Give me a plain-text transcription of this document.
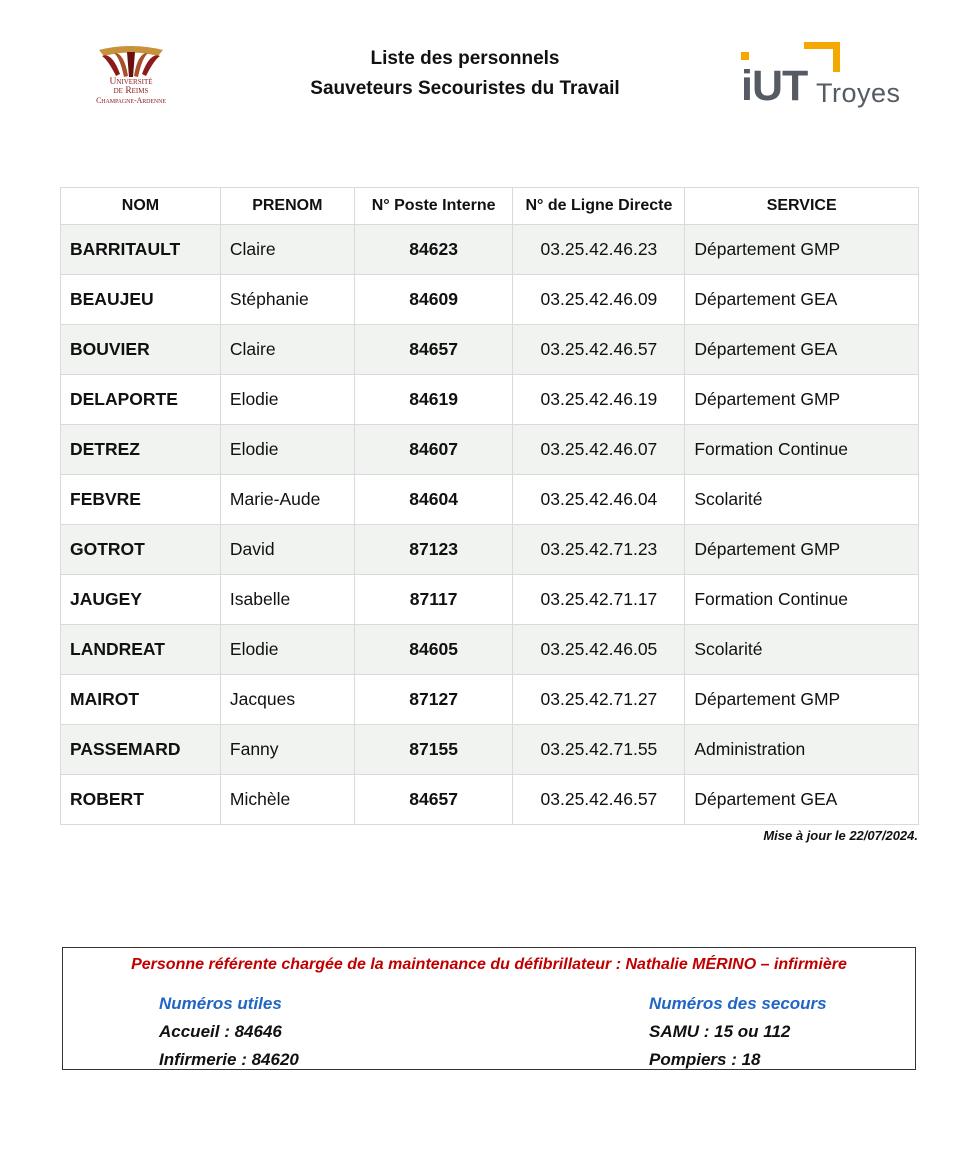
Université
de Reims
Champagne-Ardenne
Liste des personnels
Sauveteurs Secouristes du Travail	iUT Troyes
NOM	PRENOM	N° Poste Interne	N° de Ligne Directe	SERVICE
BARRITAULT	Claire	84623	03.25.42.46.23	Département GMP
BEAUJEU	Stéphanie	84609	03.25.42.46.09	Département GEA
BOUVIER	Claire	84657	03.25.42.46.57	Département GEA
DELAPORTE	Elodie	84619	03.25.42.46.19	Département GMP
DETREZ	Elodie	84607	03.25.42.46.07	Formation Continue
FEBVRE	Marie-Aude	84604	03.25.42.46.04	Scolarité
GOTROT	David	87123	03.25.42.71.23	Département GMP
JAUGEY	Isabelle	87117	03.25.42.71.17	Formation Continue
LANDREAT	Elodie	84605	03.25.42.46.05	Scolarité
MAIROT	Jacques	87127	03.25.42.71.27	Département GMP
PASSEMARD	Fanny	87155	03.25.42.71.55	Administration
ROBERT	Michèle	84657	03.25.42.46.57	Département GEA
Mise à jour le 22/07/2024.
Personne référente chargée de la maintenance du défibrillateur : Nathalie MÉRINO – infirmière
Numéros utiles
Accueil : 84646
Infirmerie : 84620
Numéros des secours
SAMU : 15 ou 112
Pompiers : 18
